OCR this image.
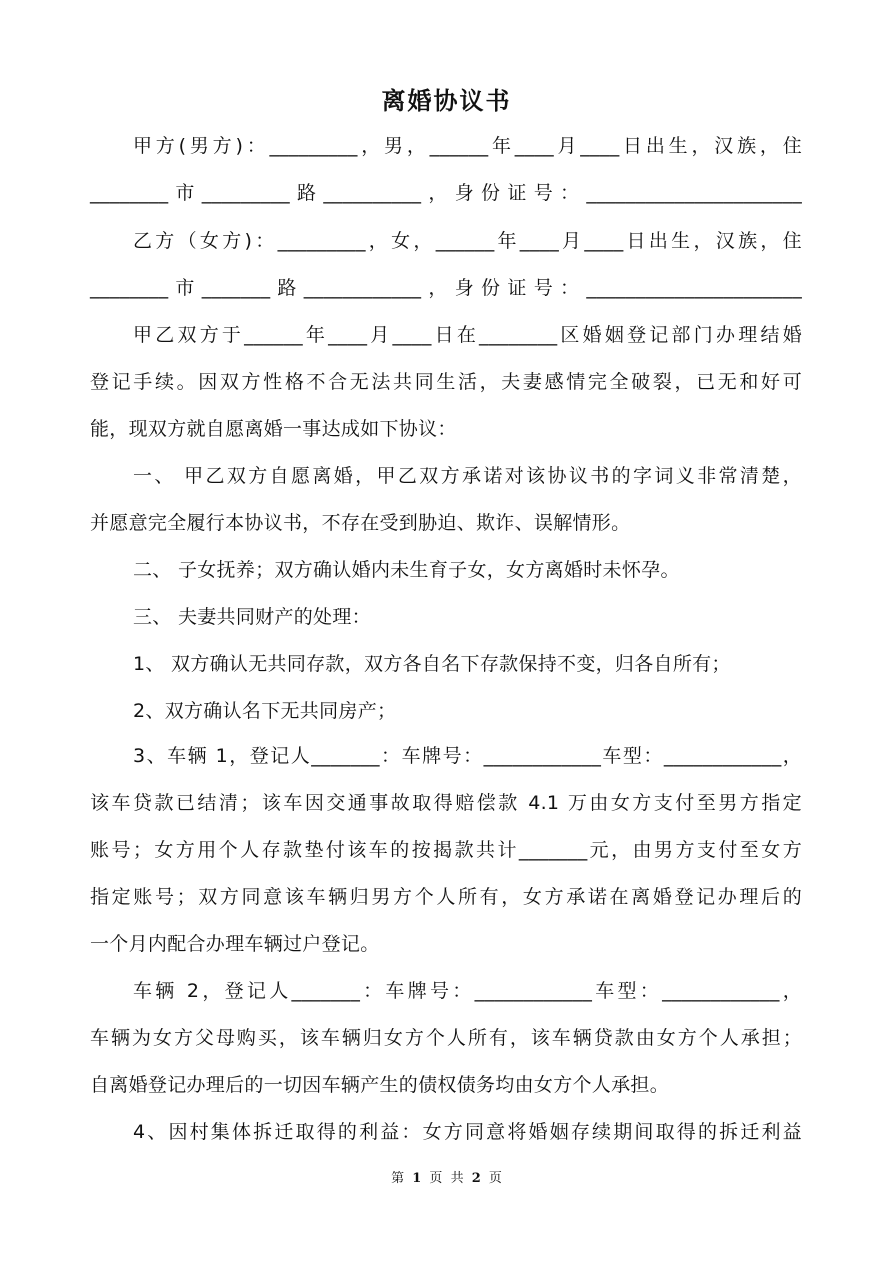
离婚协议书
甲方(男方)：_________，男，______年____月____日出生，汉族，住
________市_________路__________，身份证号：______________________
乙方（女方)：_________，女，______年____月____日出生，汉族，住
________市_______路____________，身份证号：______________________
甲乙双方于______年____月____日在________区婚姻登记部门办理结婚
登记手续。因双方性格不合无法共同生活，夫妻感情完全破裂，已无和好可
能，现双方就自愿离婚一事达成如下协议：
一、 甲乙双方自愿离婚，甲乙双方承诺对该协议书的字词义非常清楚，
并愿意完全履行本协议书，不存在受到胁迫、欺诈、误解情形。
二、 子女抚养；双方确认婚内未生育子女，女方离婚时未怀孕。
三、 夫妻共同财产的处理：
1、 双方确认无共同存款，双方各自名下存款保持不变，归各自所有；
2、双方确认名下无共同房产；
3、车辆 1，登记人_______：车牌号：____________车型：____________，
该车贷款已结清；该车因交通事故取得赔偿款 4.1 万由女方支付至男方指定
账号；女方用个人存款垫付该车的按揭款共计_______元，由男方支付至女方
指定账号；双方同意该车辆归男方个人所有，女方承诺在离婚登记办理后的
一个月内配合办理车辆过户登记。
车辆 2，登记人_______：车牌号：____________车型：____________，
车辆为女方父母购买，该车辆归女方个人所有，该车辆贷款由女方个人承担；
自离婚登记办理后的一切因车辆产生的债权债务均由女方个人承担。
4、因村集体拆迁取得的利益：女方同意将婚姻存续期间取得的拆迁利益
第 1 页 共 2 页
